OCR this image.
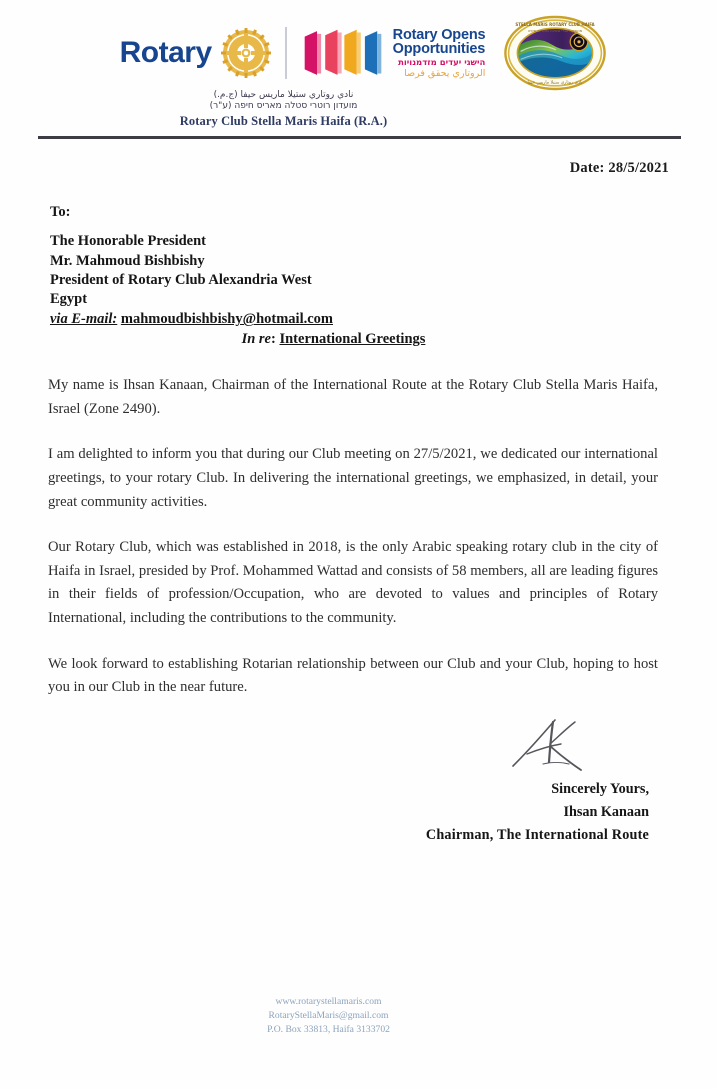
Rotary
Rotary Opens
Opportunities
הישגי יעדים מזדמנויות
الروتاري يحقق فرصا
STELLA MARIS ROTARY CLUB HAIFA
מועדון רוטרי סטלה מאריס חיפה
نادي روتاري ستيلا ماريس حيفا
نادي روتاري ستيلا ماريس حيفا (ج.م.)
מועדון רוטרי סטלה מאריס חיפה (ע"ר)
Rotary Club Stella Maris Haifa (R.A.)
Date: 28/5/2021
To:
The Honorable President
Mr. Mahmoud Bishbishy
President of Rotary Club Alexandria West
Egypt
via E-mail: mahmoudbishbishy@hotmail.com
In re: International Greetings

My name is Ihsan Kanaan, Chairman of the International Route at the Rotary Club Stella Maris Haifa, Israel (Zone 2490).

I am delighted to inform you that during our Club meeting on 27/5/2021, we dedicated our international greetings, to your rotary Club. In delivering the international greetings, we emphasized, in detail, your great community activities.

Our Rotary Club, which was established in 2018, is the only Arabic speaking rotary club in the city of Haifa in Israel, presided by Prof. Mohammed Wattad and consists of 58 members, all are leading figures in their fields of profession/Occupation, who are devoted to values and principles of Rotary International, including the contributions to the community.

We look forward to establishing Rotarian relationship between our Club and your Club, hoping to host you in our Club in the near future.

Sincerely Yours,
Ihsan Kanaan
Chairman, The International Route
www.rotarystellamaris.com
RotaryStellaMaris@gmail.com
P.O. Box 33813, Haifa 3133702
